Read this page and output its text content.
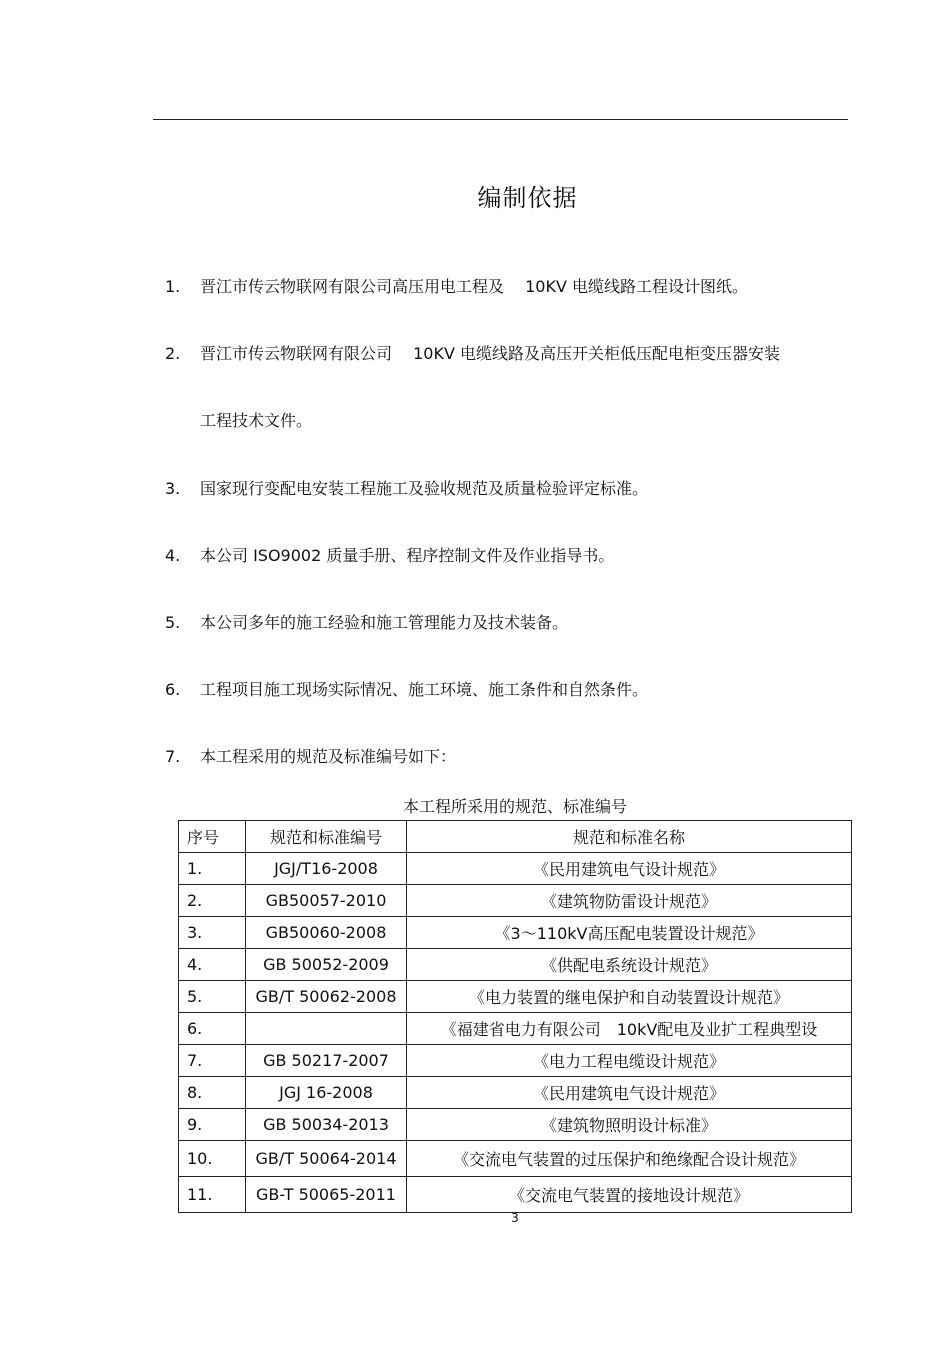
编制依据
1. 晋江市传云物联网有限公司高压用电工程及　 10KV 电缆线路工程设计图纸。
2. 晋江市传云物联网有限公司　 10KV 电缆线路及高压开关柜低压配电柜变压器安装
工程技术文件。
3. 国家现行变配电安装工程施工及验收规范及质量检验评定标准。
4. 本公司 ISO9002 质量手册、程序控制文件及作业指导书。
5. 本公司多年的施工经验和施工管理能力及技术装备。
6. 工程项目施工现场实际情况、施工环境、施工条件和自然条件。
7. 本工程采用的规范及标准编号如下：
本工程所采用的规范、标准编号
序号	规范和标准编号	规范和标准名称
1.	JGJ/T16-2008	《民用建筑电气设计规范》
2.	GB50057-2010	《建筑物防雷设计规范》
3.	GB50060-2008	《3～110kV高压配电装置设计规范》
4.	GB 50052-2009	《供配电系统设计规范》
5.	GB/T 50062-2008	《电力装置的继电保护和自动装置设计规范》
6.		《福建省电力有限公司　10kV配电及业扩工程典型设
7.	GB 50217-2007	《电力工程电缆设计规范》
8.	JGJ 16-2008	《民用建筑电气设计规范》
9.	GB 50034-2013	《建筑物照明设计标准》
10.	GB/T 50064-2014	《交流电气装置的过压保护和绝缘配合设计规范》
11.	GB-T 50065-2011	《交流电气装置的接地设计规范》
3
